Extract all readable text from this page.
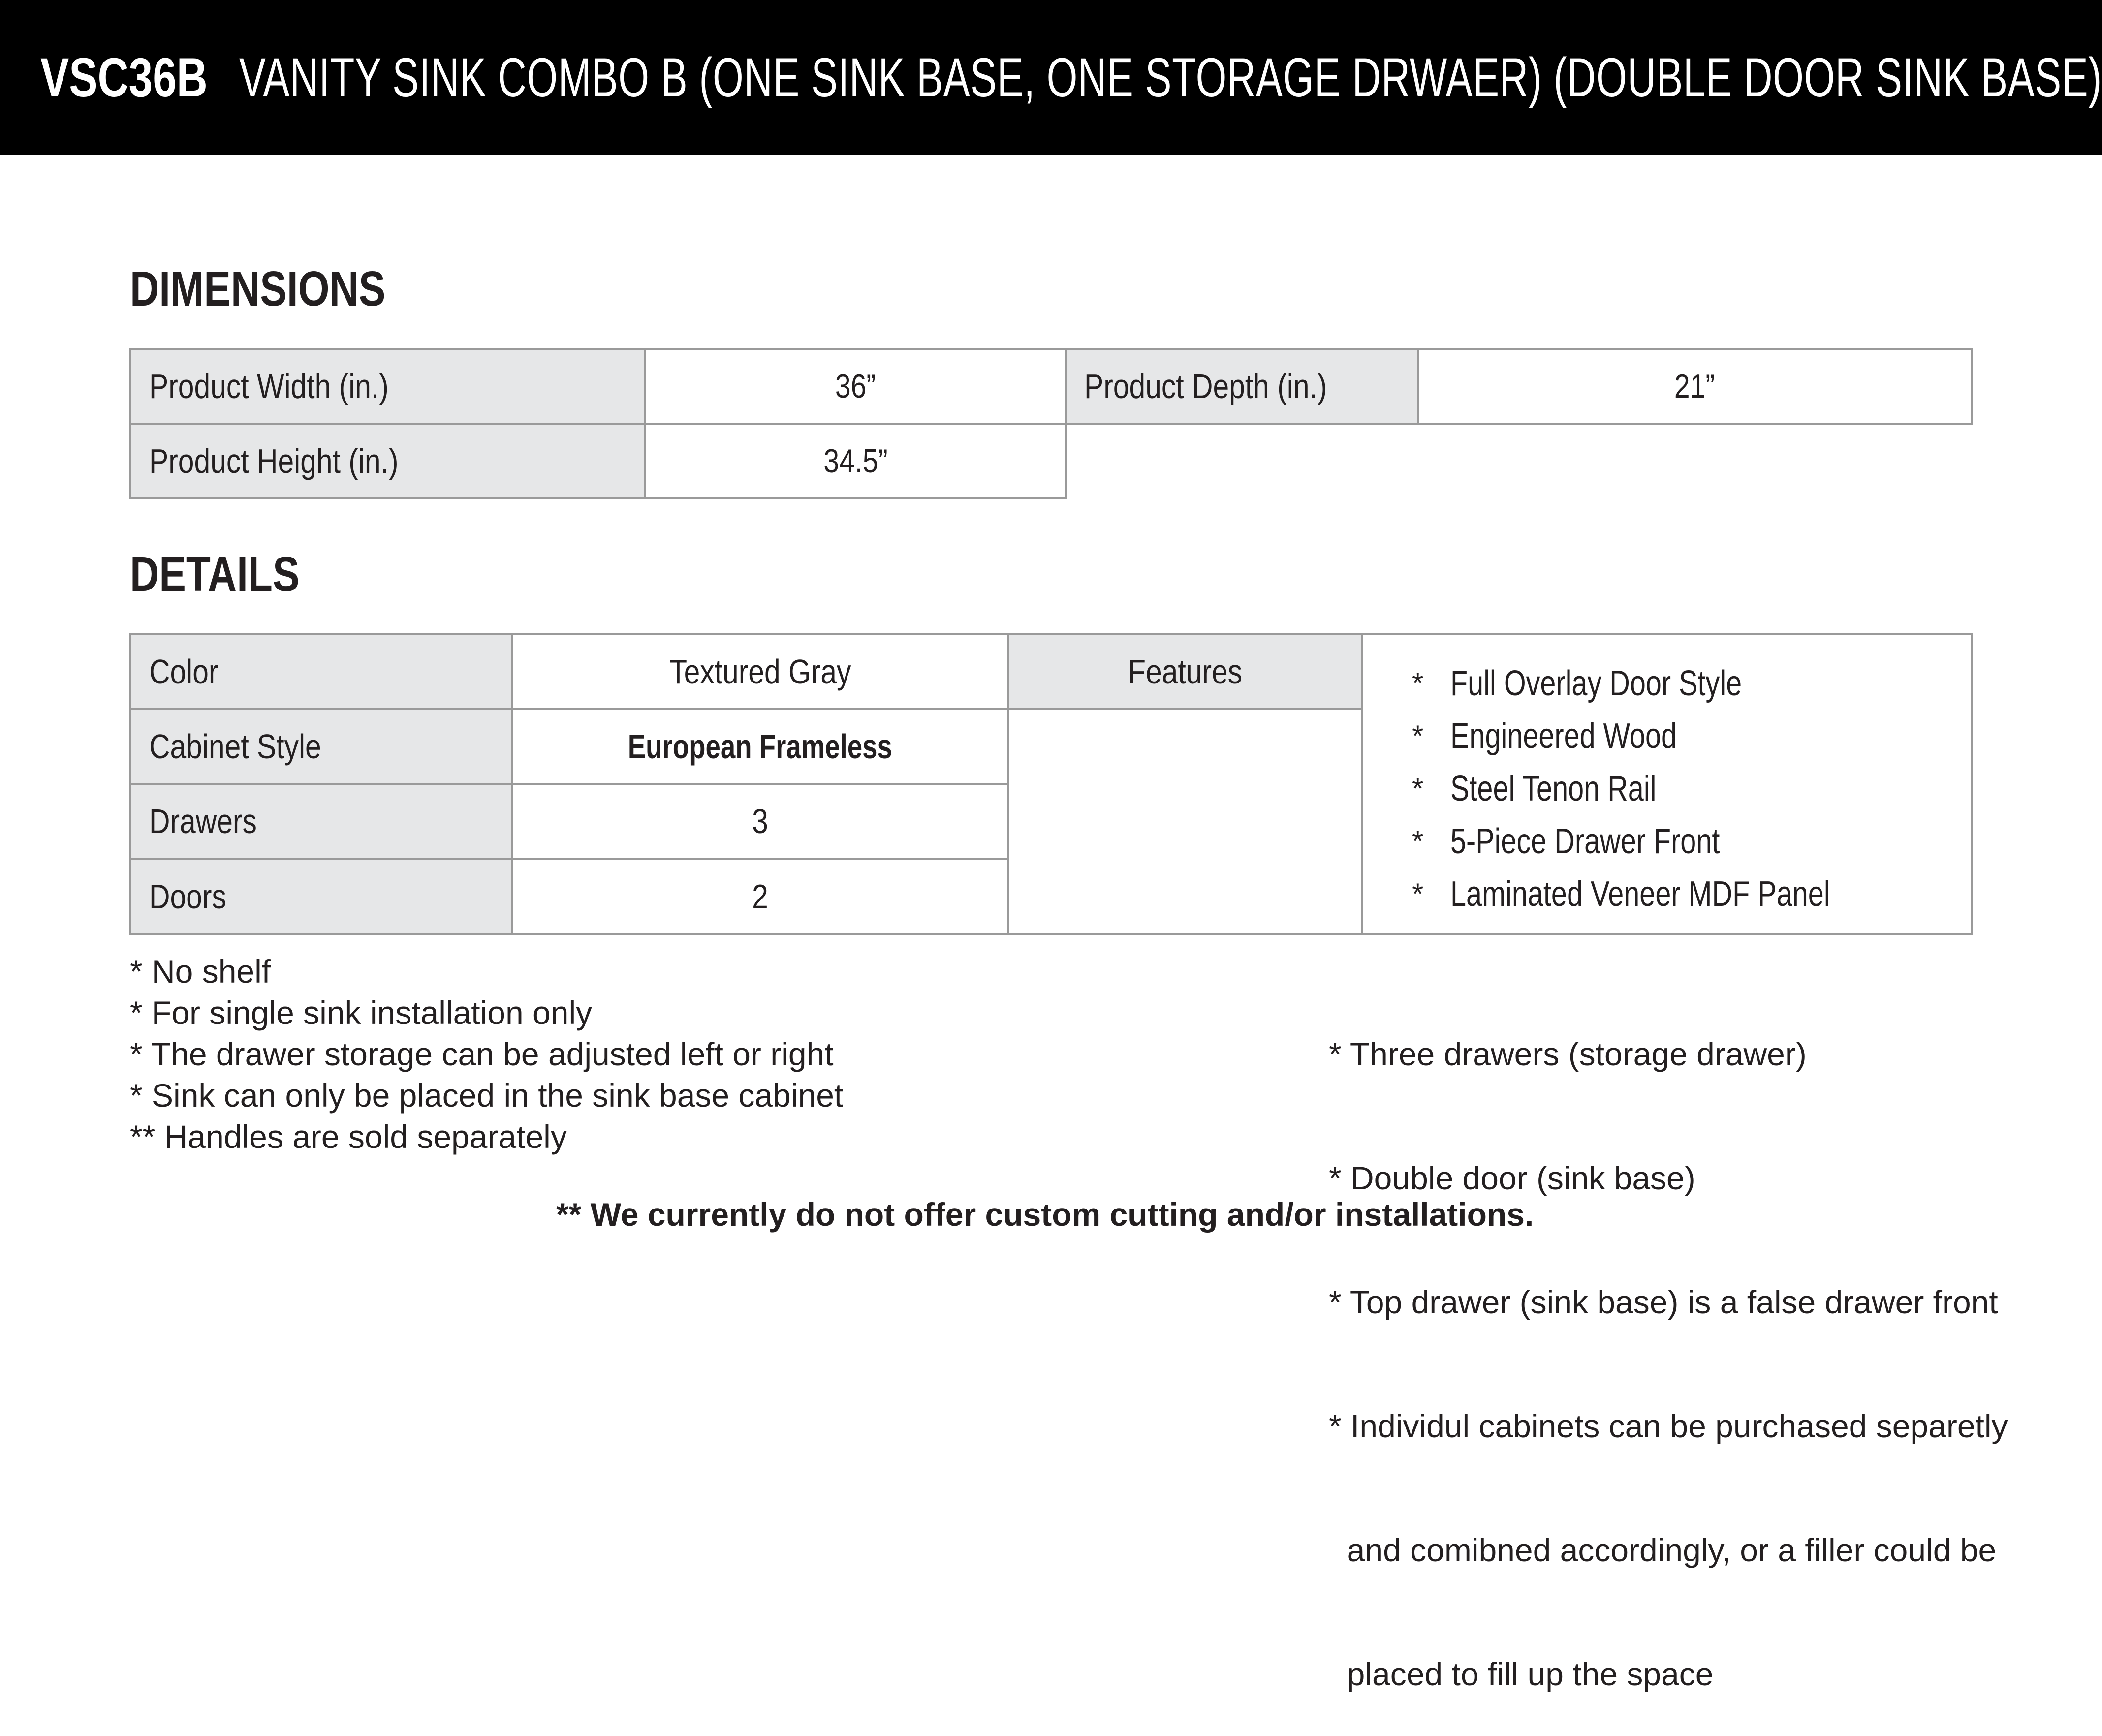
VSC36B VANITY SINK COMBO B (ONE SINK BASE, ONE STORAGE DRWAER) (DOUBLE DOOR SINK BASE)
DIMENSIONS
Product Width (in.)	36”	Product Depth (in.)	21”
Product Height (in.)	34.5”
DETAILS
Color	Textured Gray
Cabinet Style	European Frameless
Drawers	3
Doors	2
Features	* Full Overlay Door Style
* Engineered Wood
* Steel Tenon Rail
* 5-Piece Drawer Front
* Laminated Veneer MDF Panel
* No shelf
* For single sink installation only
* The drawer storage can be adjusted left or right
* Sink can only be placed in the sink base cabinet
** Handles are sold separately

* Three drawers (storage drawer)

* Double door (sink base)

* Top drawer (sink base) is a false drawer front

* Individul cabinets can be purchased separetly

and comibned accordingly, or a filler could be

placed to fill up the space

** We currently do not offer custom cutting and/or installations.
